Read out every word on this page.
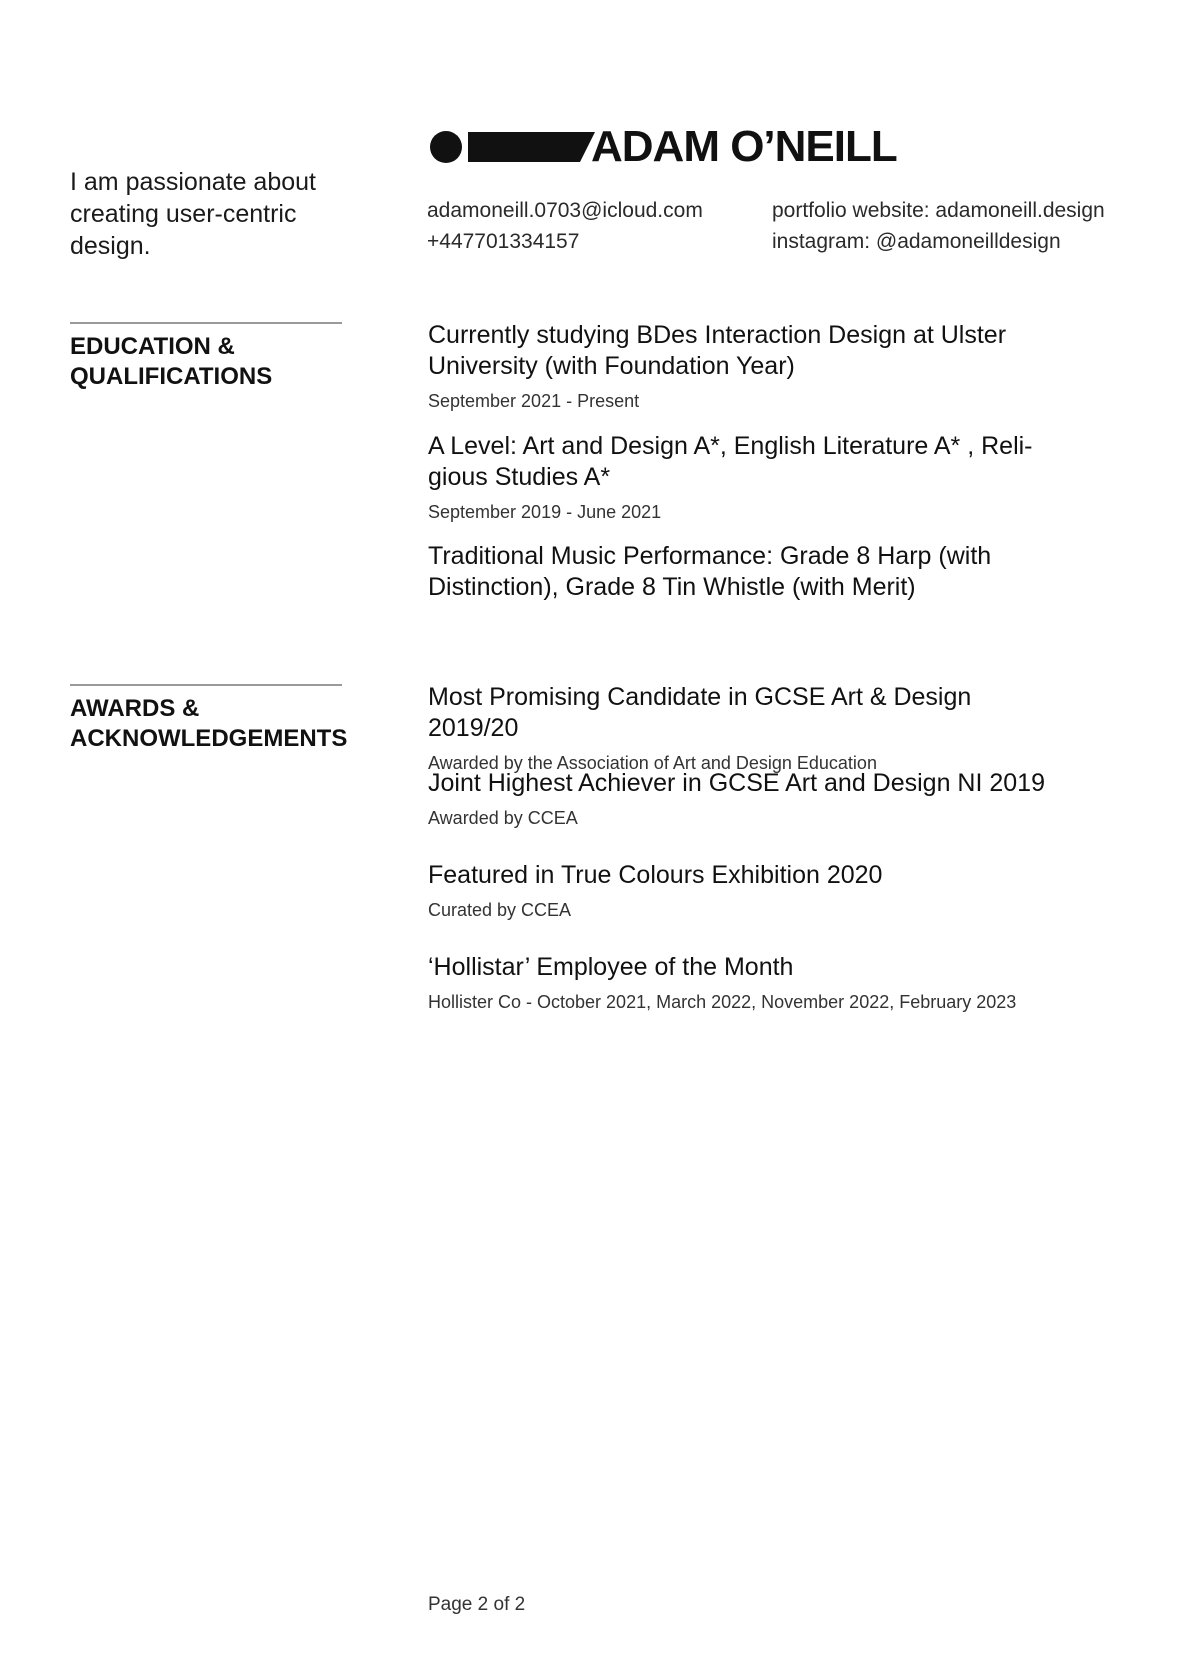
I am passionate about creating user-centric design.
ADAM O’NEILL
adamoneill.0703@icloud.com
+447701334157
portfolio website: adamoneill.design
instagram: @adamoneilldesign
EDUCATION &
QUALIFICATIONS
Currently studying BDes Interaction Design at Ulster University (with Foundation Year)
September 2021 - Present
A Level: Art and Design A*, English Literature A* , Reli-gious Studies A*
September 2019 - June 2021
Traditional Music Performance: Grade 8 Harp (with Distinction), Grade 8 Tin Whistle (with Merit)
AWARDS &
ACKNOWLEDGEMENTS
Most Promising Candidate in GCSE Art & Design 2019/20
Awarded by the Association of Art and Design Education
Joint Highest Achiever in GCSE Art and Design NI 2019
Awarded by CCEA
Featured in True Colours Exhibition 2020
Curated by CCEA
‘Hollistar’ Employee of the Month
Hollister Co - October 2021, March 2022, November 2022, February 2023
Page 2 of 2
